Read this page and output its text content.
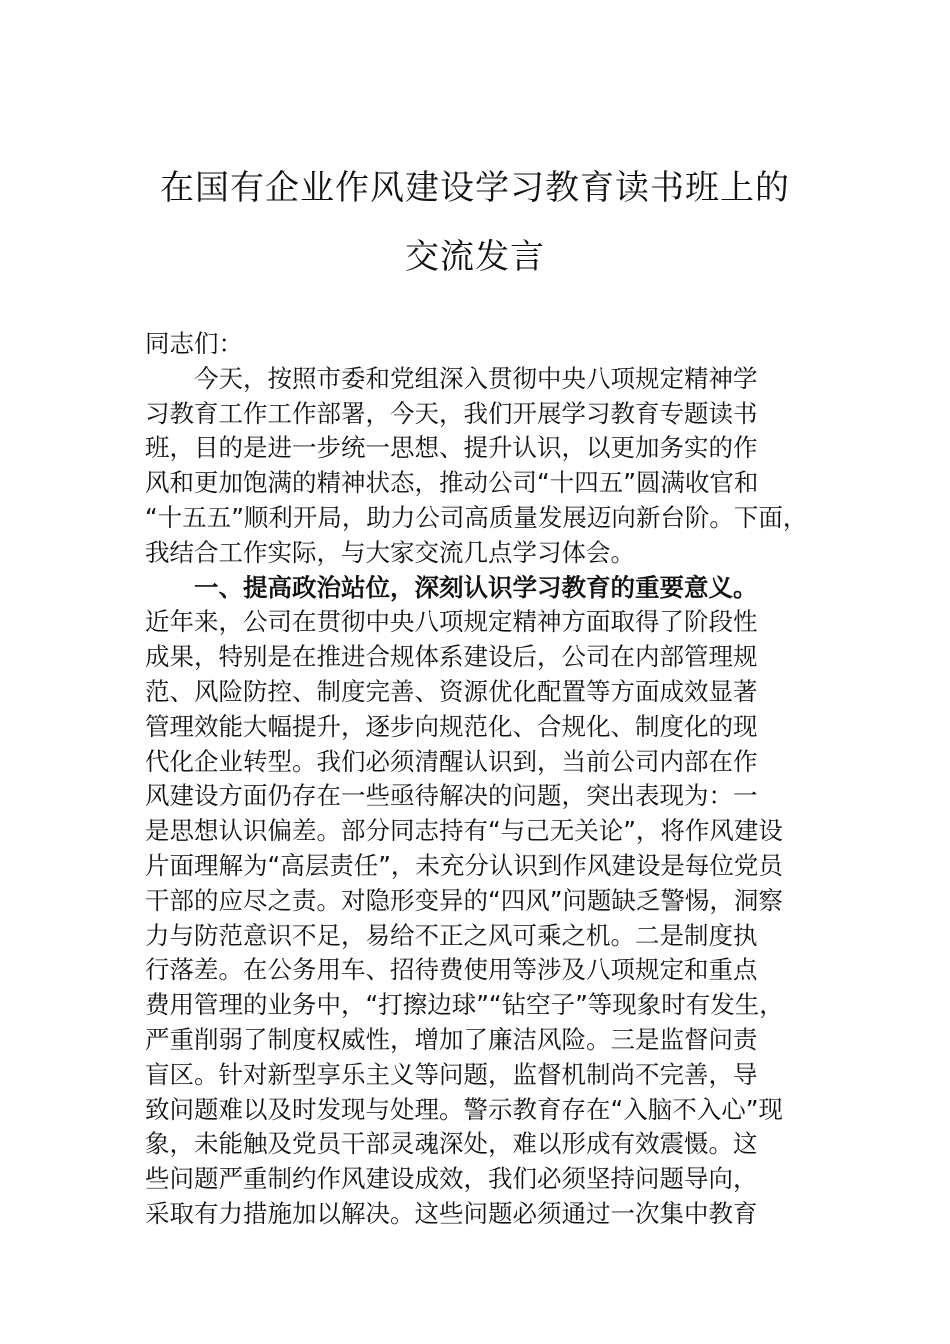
在国有企业作风建设学习教育读书班上的
交流发言
同志们：
今天，按照市委和党组深入贯彻中央八项规定精神学
习教育工作工作部署，今天，我们开展学习教育专题读书
班，目的是进一步统一思想、提升认识，以更加务实的作
风和更加饱满的精神状态，推动公司“十四五”圆满收官和
“十五五”顺利开局，助力公司高质量发展迈向新台阶。下面，
我结合工作实际，与大家交流几点学习体会。
一、提高政治站位，深刻认识学习教育的重要意义。
近年来，公司在贯彻中央八项规定精神方面取得了阶段性
成果，特别是在推进合规体系建设后，公司在内部管理规
范、风险防控、制度完善、资源优化配置等方面成效显著
管理效能大幅提升，逐步向规范化、合规化、制度化的现
代化企业转型。我们必须清醒认识到，当前公司内部在作
风建设方面仍存在一些亟待解决的问题，突出表现为：一
是思想认识偏差。部分同志持有“与己无关论”，将作风建设
片面理解为“高层责任”，未充分认识到作风建设是每位党员
干部的应尽之责。对隐形变异的“四风”问题缺乏警惕，洞察
力与防范意识不足，易给不正之风可乘之机。二是制度执
行落差。在公务用车、招待费使用等涉及八项规定和重点
费用管理的业务中，“打擦边球”“钻空子”等现象时有发生，
严重削弱了制度权威性，增加了廉洁风险。三是监督问责
盲区。针对新型享乐主义等问题，监督机制尚不完善，导
致问题难以及时发现与处理。警示教育存在“入脑不入心”现
象，未能触及党员干部灵魂深处，难以形成有效震慑。这
些问题严重制约作风建设成效，我们必须坚持问题导向，
采取有力措施加以解决。这些问题必须通过一次集中教育
